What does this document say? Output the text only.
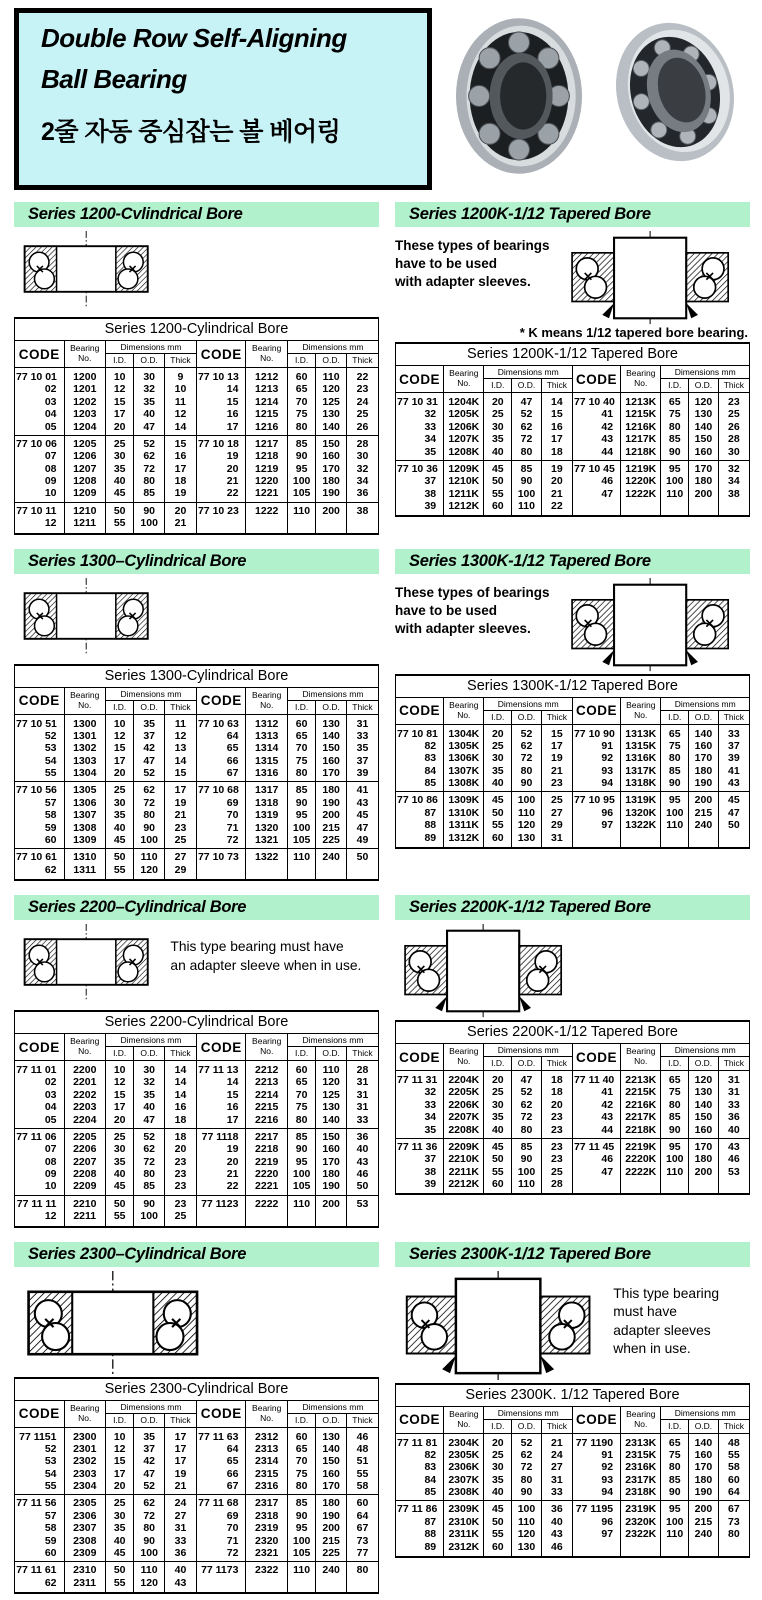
Double Row Self-Aligning
Ball Bearing
2줄 자동 중심잡는 볼 베어링
Series 1200-Cvlindrical Bore
Series 1200-Cylindrical Bore									
CODE	Bearing No.	Dimensions mm			CODE	Bearing No.	Dimensions mm		
		I.D.	O.D.	Thick			I.D.	O.D.	Thick
77 10 01	1200	10	30	9	77 10 13	1212	60	110	22
02	1201	12	32	10	14	1213	65	120	23
03	1202	15	35	11	15	1214	70	125	24
04	1203	17	40	12	16	1215	75	130	25
05	1204	20	47	14	17	1216	80	140	26
77 10 06	1205	25	52	15	77 10 18	1217	85	150	28
07	1206	30	62	16	19	1218	90	160	30
08	1207	35	72	17	20	1219	95	170	32
09	1208	40	80	18	21	1220	100	180	34
10	1209	45	85	19	22	1221	105	190	36
77 10 11	1210	50	90	20	77 10 23	1222	110	200	38
12	1211	55	100	21					
Series 1200K-1/12 Tapered Bore
These types of bearings
have to be used
with adapter sleeves.
* K means 1/12 tapered bore bearing.
Series 1200K-1/12 Tapered Bore									
CODE	Bearing No.	Dimensions mm			CODE	Bearing No.	Dimensions mm		
		I.D.	O.D.	Thick			I.D.	O.D.	Thick
77 10 31	1204K	20	47	14	77 10 40	1213K	65	120	23
32	1205K	25	52	15	41	1215K	75	130	25
33	1206K	30	62	16	42	1216K	80	140	26
34	1207K	35	72	17	43	1217K	85	150	28
35	1208K	40	80	18	44	1218K	90	160	30
77 10 36	1209K	45	85	19	77 10 45	1219K	95	170	32
37	1210K	50	90	20	46	1220K	100	180	34
38	1211K	55	100	21	47	1222K	110	200	38
39	1212K	60	110	22					
Series 1300–Cylindrical Bore
Series 1300-Cylindrical Bore									
CODE	Bearing No.	Dimensions mm			CODE	Bearing No.	Dimensions mm		
		I.D.	O.D.	Thick			I.D.	O.D.	Thick
77 10 51	1300	10	35	11	77 10 63	1312	60	130	31
52	1301	12	37	12	64	1313	65	140	33
53	1302	15	42	13	65	1314	70	150	35
54	1303	17	47	14	66	1315	75	160	37
55	1304	20	52	15	67	1316	80	170	39
77 10 56	1305	25	62	17	77 10 68	1317	85	180	41
57	1306	30	72	19	69	1318	90	190	43
58	1307	35	80	21	70	1319	95	200	45
59	1308	40	90	23	71	1320	100	215	47
60	1309	45	100	25	72	1321	105	225	49
77 10 61	1310	50	110	27	77 10 73	1322	110	240	50
62	1311	55	120	29					
Series 1300K-1/12 Tapered Bore
These types of bearings
have to be used
with adapter sleeves.
Series 1300K-1/12 Tapered Bore									
CODE	Bearing No.	Dimensions mm			CODE	Bearing No.	Dimensions mm		
		I.D.	O.D.	Thick			I.D.	O.D.	Thick
77 10 81	1304K	20	52	15	77 10 90	1313K	65	140	33
82	1305K	25	62	17	91	1315K	75	160	37
83	1306K	30	72	19	92	1316K	80	170	39
84	1307K	35	80	21	93	1317K	85	180	41
85	1308K	40	90	23	94	1318K	90	190	43
77 10 86	1309K	45	100	25	77 10 95	1319K	95	200	45
87	1310K	50	110	27	96	1320K	100	215	47
88	1311K	55	120	29	97	1322K	110	240	50
89	1312K	60	130	31					
Series 2200–Cylindrical Bore
This type bearing must have
an adapter sleeve when in use.
Series 2200-Cylindrical Bore									
CODE	Bearing No.	Dimensions mm			CODE	Bearing No.	Dimensions mm		
		I.D.	O.D.	Thick			I.D.	O.D.	Thick
77 11 01	2200	10	30	14	77 11 13	2212	60	110	28
02	2201	12	32	14	14	2213	65	120	31
03	2202	15	35	14	15	2214	70	125	31
04	2203	17	40	16	16	2215	75	130	31
05	2204	20	47	18	17	2216	80	140	33
77 11 06	2205	25	52	18	77 1118	2217	85	150	36
07	2206	30	62	20	19	2218	90	160	40
08	2207	35	72	23	20	2219	95	170	43
09	2208	40	80	23	21	2220	100	180	46
10	2209	45	85	23	22	2221	105	190	50
77 11 11	2210	50	90	23	77 1123	2222	110	200	53
12	2211	55	100	25					
Series 2200K-1/12 Tapered Bore
Series 2200K-1/12 Tapered Bore									
CODE	Bearing No.	Dimensions mm			CODE	Bearing No.	Dimensions mm		
		I.D.	O.D.	Thick			I.D.	O.D.	Thick
77 11 31	2204K	20	47	18	77 11 40	2213K	65	120	31
32	2205K	25	52	18	41	2215K	75	130	31
33	2206K	30	62	20	42	2216K	80	140	33
34	2207K	35	72	23	43	2217K	85	150	36
35	2208K	40	80	23	44	2218K	90	160	40
77 11 36	2209K	45	85	23	77 11 45	2219K	95	170	43
37	2210K	50	90	23	46	2220K	100	180	46
38	2211K	55	100	25	47	2222K	110	200	53
39	2212K	60	110	28					
Series 2300–Cylindrical Bore
Series 2300-Cylindrical Bore									
CODE	Bearing No.	Dimensions mm			CODE	Bearing No.	Dimensions mm		
		I.D.	O.D.	Thick			I.D.	O.D.	Thick
77 1151	2300	10	35	17	77 11 63	2312	60	130	46
52	2301	12	37	17	64	2313	65	140	48
53	2302	15	42	17	65	2314	70	150	51
54	2303	17	47	19	66	2315	75	160	55
55	2304	20	52	21	67	2316	80	170	58
77 11 56	2305	25	62	24	77 11 68	2317	85	180	60
57	2306	30	72	27	69	2318	90	190	64
58	2307	35	80	31	70	2319	95	200	67
59	2308	40	90	33	71	2320	100	215	73
60	2309	45	100	36	72	2321	105	225	77
77 11 61	2310	50	110	40	77 1173	2322	110	240	80
62	2311	55	120	43					
Series 2300K-1/12 Tapered Bore
This type bearing
must have
adapter sleeves
when in use.
Series 2300K. 1/12 Tapered Bore									
CODE	Bearing No.	Dimensions mm			CODE	Bearing No.	Dimensions mm		
		I.D.	O.D.	Thick			I.D.	O.D.	Thick
77 11 81	2304K	20	52	21	77 1190	2313K	65	140	48
82	2305K	25	62	24	91	2315K	75	160	55
83	2306K	30	72	27	92	2316K	80	170	58
84	2307K	35	80	31	93	2317K	85	180	60
85	2308K	40	90	33	94	2318K	90	190	64
77 11 86	2309K	45	100	36	77 1195	2319K	95	200	67
87	2310K	50	110	40	96	2320K	100	215	73
88	2311K	55	120	43	97	2322K	110	240	80
89	2312K	60	130	46					
